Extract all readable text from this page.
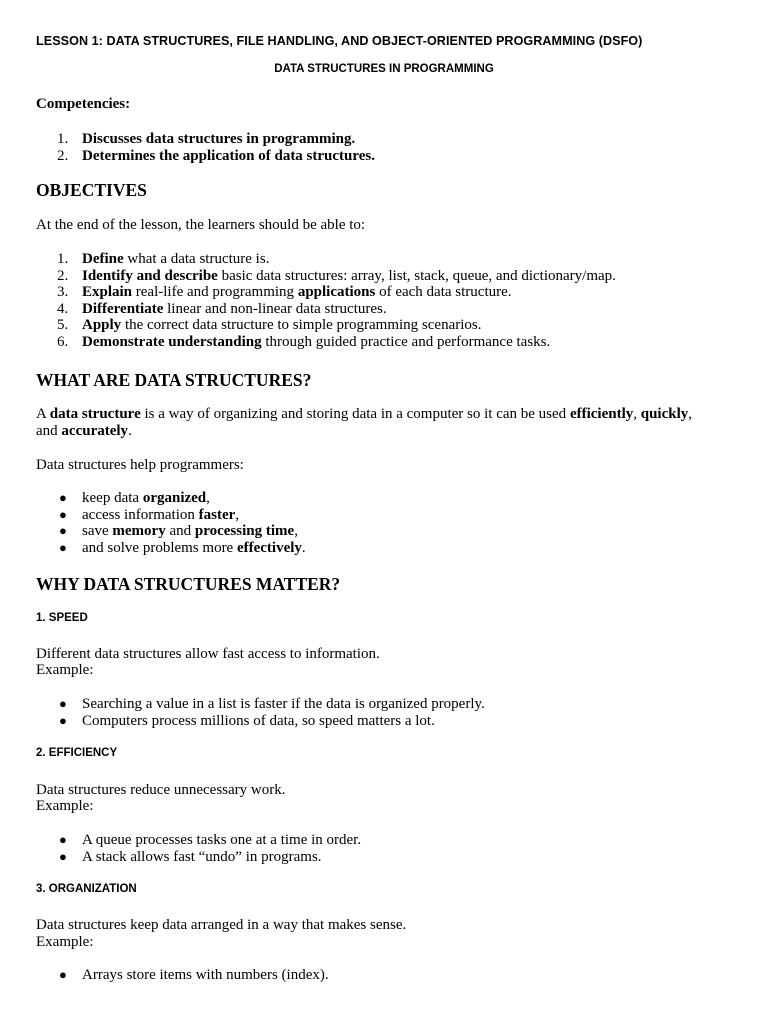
LESSON 1: DATA STRUCTURES, FILE HANDLING, AND OBJECT-ORIENTED PROGRAMMING (DSFO)
DATA STRUCTURES IN PROGRAMMING
Competencies:
1. Discusses data structures in programming.
2. Determines the application of data structures.
OBJECTIVES
At the end of the lesson, the learners should be able to:
1. Define what a data structure is.
2. Identify and describe basic data structures: array, list, stack, queue, and dictionary/map.
3. Explain real-life and programming applications of each data structure.
4. Differentiate linear and non-linear data structures.
5. Apply the correct data structure to simple programming scenarios.
6. Demonstrate understanding through guided practice and performance tasks.
WHAT ARE DATA STRUCTURES?
A data structure is a way of organizing and storing data in a computer so it can be used efficiently, quickly,
and accurately.
Data structures help programmers:
● keep data organized,
● access information faster,
● save memory and processing time,
● and solve problems more effectively.
WHY DATA STRUCTURES MATTER?
1. SPEED
Different data structures allow fast access to information.
Example:
● Searching a value in a list is faster if the data is organized properly.
● Computers process millions of data, so speed matters a lot.
2. EFFICIENCY
Data structures reduce unnecessary work.
Example:
● A queue processes tasks one at a time in order.
● A stack allows fast “undo” in programs.
3. ORGANIZATION
Data structures keep data arranged in a way that makes sense.
Example:
● Arrays store items with numbers (index).
